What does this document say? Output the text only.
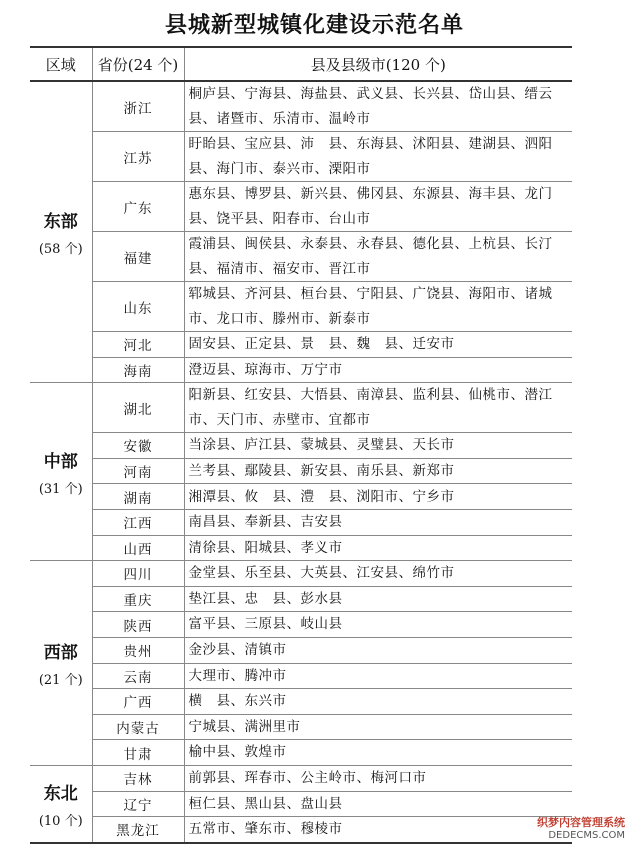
县城新型城镇化建设示范名单
区域	省份(24 个)	县及县级市(120 个)

东部
(58 个)	浙江	桐庐县、宁海县、海盐县、武义县、长兴县、岱山县、缙云县、诸暨市、乐清市、温岭市
	江苏	盱眙县、宝应县、沛　县、东海县、沭阳县、建湖县、泗阳县、海门市、泰兴市、溧阳市
	广东	惠东县、博罗县、新兴县、佛冈县、东源县、海丰县、龙门县、饶平县、阳春市、台山市
	福建	霞浦县、闽侯县、永泰县、永春县、德化县、上杭县、长汀县、福清市、福安市、晋江市
	山东	郓城县、齐河县、桓台县、宁阳县、广饶县、海阳市、诸城市、龙口市、滕州市、新泰市
	河北	固安县、正定县、景　县、魏　县、迁安市
	海南	澄迈县、琼海市、万宁市

中部
(31 个)	湖北	阳新县、红安县、大悟县、南漳县、监利县、仙桃市、潜江市、天门市、赤壁市、宜都市
	安徽	当涂县、庐江县、蒙城县、灵璧县、天长市
	河南	兰考县、鄢陵县、新安县、南乐县、新郑市
	湖南	湘潭县、攸　县、澧　县、浏阳市、宁乡市
	江西	南昌县、奉新县、吉安县
	山西	清徐县、阳城县、孝义市

西部
(21 个)	四川	金堂县、乐至县、大英县、江安县、绵竹市
	重庆	垫江县、忠　县、彭水县
	陕西	富平县、三原县、岐山县
	贵州	金沙县、清镇市
	云南	大理市、腾冲市
	广西	横　县、东兴市
	内蒙古	宁城县、满洲里市
	甘肃	榆中县、敦煌市

东北
(10 个)	吉林	前郭县、珲春市、公主岭市、梅河口市
	辽宁	桓仁县、黑山县、盘山县
	黑龙江	五常市、肇东市、穆棱市	织梦内容管理系统
DEDECMS.COM
